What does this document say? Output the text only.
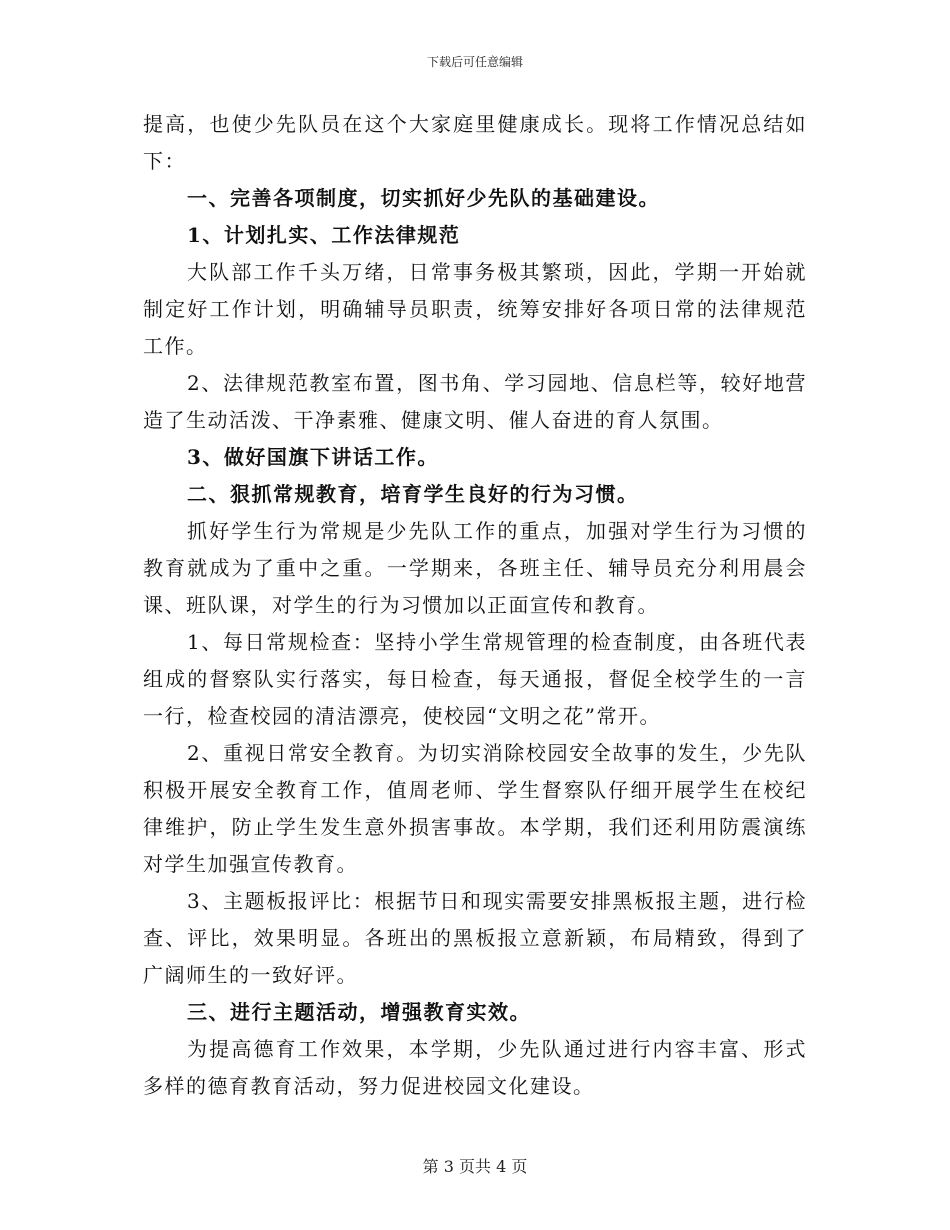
下载后可任意编辑

提高，也使少先队员在这个大家庭里健康成长。现将工作情况总结如下：

一、完善各项制度，切实抓好少先队的基础建设。

1、计划扎实、工作法律规范

大队部工作千头万绪，日常事务极其繁琐，因此，学期一开始就制定好工作计划，明确辅导员职责，统筹安排好各项日常的法律规范工作。

2、法律规范教室布置，图书角、学习园地、信息栏等，较好地营造了生动活泼、干净素雅、健康文明、催人奋进的育人氛围。

3、做好国旗下讲话工作。

二、狠抓常规教育，培育学生良好的行为习惯。

抓好学生行为常规是少先队工作的重点，加强对学生行为习惯的教育就成为了重中之重。一学期来，各班主任、辅导员充分利用晨会课、班队课，对学生的行为习惯加以正面宣传和教育。

1、每日常规检查：坚持小学生常规管理的检查制度，由各班代表组成的督察队实行落实，每日检查，每天通报，督促全校学生的一言一行，检查校园的清洁漂亮，使校园“文明之花”常开。

2、重视日常安全教育。为切实消除校园安全故事的发生，少先队积极开展安全教育工作，值周老师、学生督察队仔细开展学生在校纪律维护，防止学生发生意外损害事故。本学期，我们还利用防震演练对学生加强宣传教育。

3、主题板报评比：根据节日和现实需要安排黑板报主题，进行检查、评比，效果明显。各班出的黑板报立意新颖，布局精致，得到了广阔师生的一致好评。

三、进行主题活动，增强教育实效。

为提高德育工作效果，本学期，少先队通过进行内容丰富、形式多样的德育教育活动，努力促进校园文化建设。

第 3 页共 4 页
